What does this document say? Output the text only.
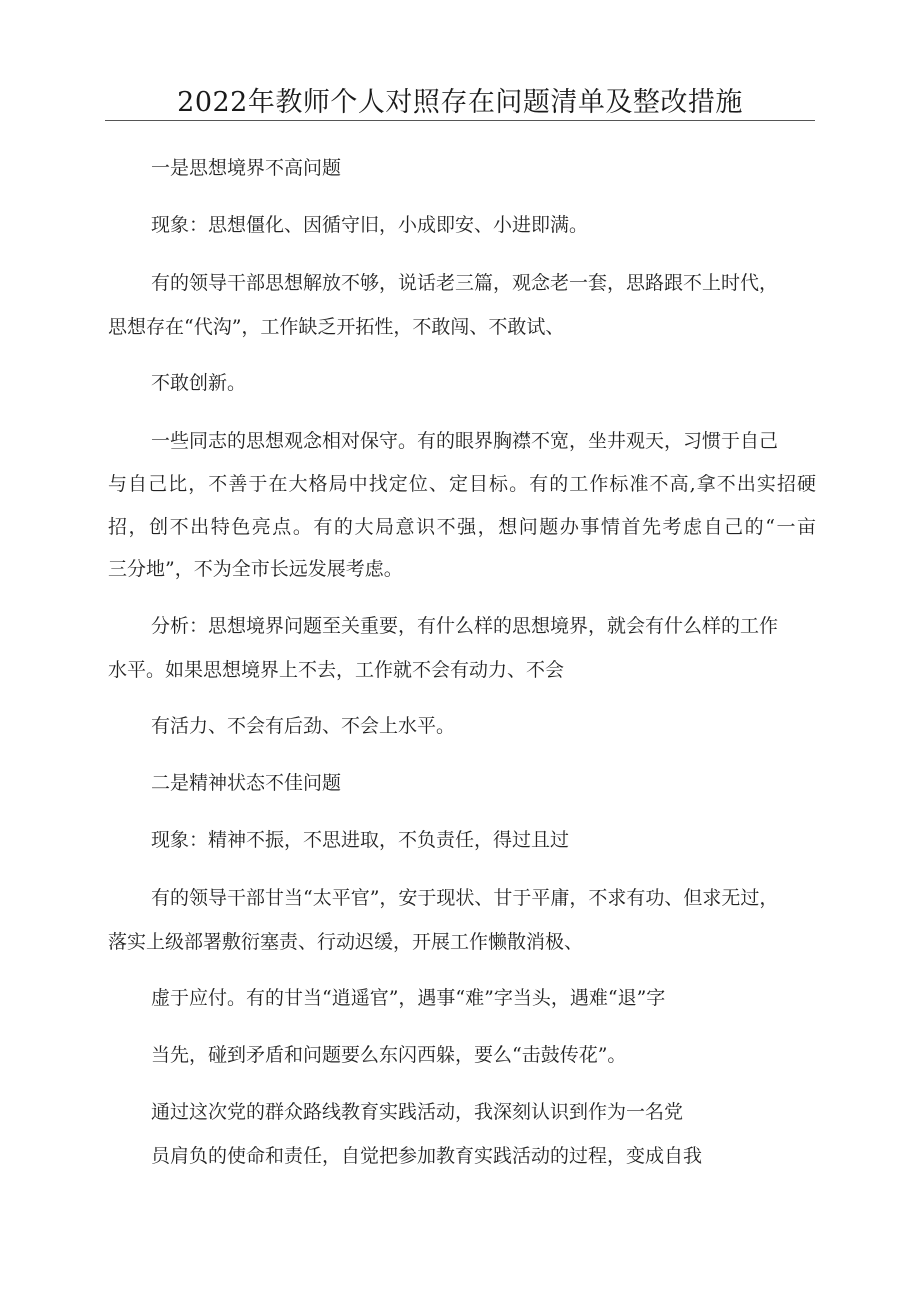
2022年教师个人对照存在问题清单及整改措施
一是思想境界不高问题
现象：思想僵化、因循守旧，小成即安、小进即满。
有的领导干部思想解放不够，说话老三篇，观念老一套，思路跟不上时代，
思想存在“代沟”，工作缺乏开拓性，不敢闯、不敢试、
不敢创新。
一些同志的思想观念相对保守。有的眼界胸襟不宽，坐井观天，习惯于自己
与自己比，不善于在大格局中找定位、定目标。有的工作标准不高,拿不出实招硬
招，创不出特色亮点。有的大局意识不强，想问题办事情首先考虑自己的“一亩
三分地”，不为全市长远发展考虑。
分析：思想境界问题至关重要，有什么样的思想境界，就会有什么样的工作
水平。如果思想境界上不去，工作就不会有动力、不会
有活力、不会有后劲、不会上水平。
二是精神状态不佳问题
现象：精神不振，不思进取，不负责任，得过且过
有的领导干部甘当“太平官”，安于现状、甘于平庸，不求有功、但求无过，
落实上级部署敷衍塞责、行动迟缓，开展工作懒散消极、
虚于应付。有的甘当“逍遥官”，遇事“难”字当头，遇难“退”字
当先，碰到矛盾和问题要么东闪西躲，要么“击鼓传花”。
通过这次党的群众路线教育实践活动，我深刻认识到作为一名党
员肩负的使命和责任，自觉把参加教育实践活动的过程，变成自我
